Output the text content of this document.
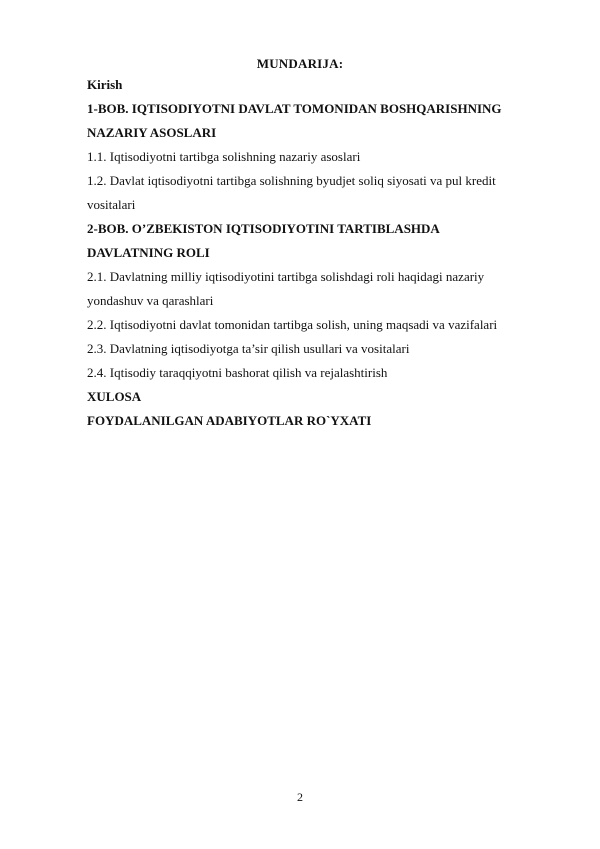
MUNDARIJA:
Kirish
1-BOB. IQTISODIYOTNI DAVLAT TOMONIDAN BOSHQARISHNING
NAZARIY ASOSLARI
1.1. Iqtisodiyotni tartibga solishning nazariy asoslari
1.2. Davlat iqtisodiyotni tartibga solishning byudjet soliq siyosati va pul kredit
vositalari
2-BOB. O’ZBEKISTON IQTISODIYOTINI TARTIBLASHDA
DAVLATNING ROLI
2.1. Davlatning milliy iqtisodiyotini tartibga solishdagi roli haqidagi nazariy
yondashuv va qarashlari
2.2. Iqtisodiyotni davlat tomonidan tartibga solish, uning maqsadi va vazifalari
2.3. Davlatning iqtisodiyotga ta’sir qilish usullari va vositalari
2.4. Iqtisodiy taraqqiyotni bashorat qilish va rejalashtirish
XULOSA
FOYDALANILGAN ADABIYOTLAR RO`YXATI
2
